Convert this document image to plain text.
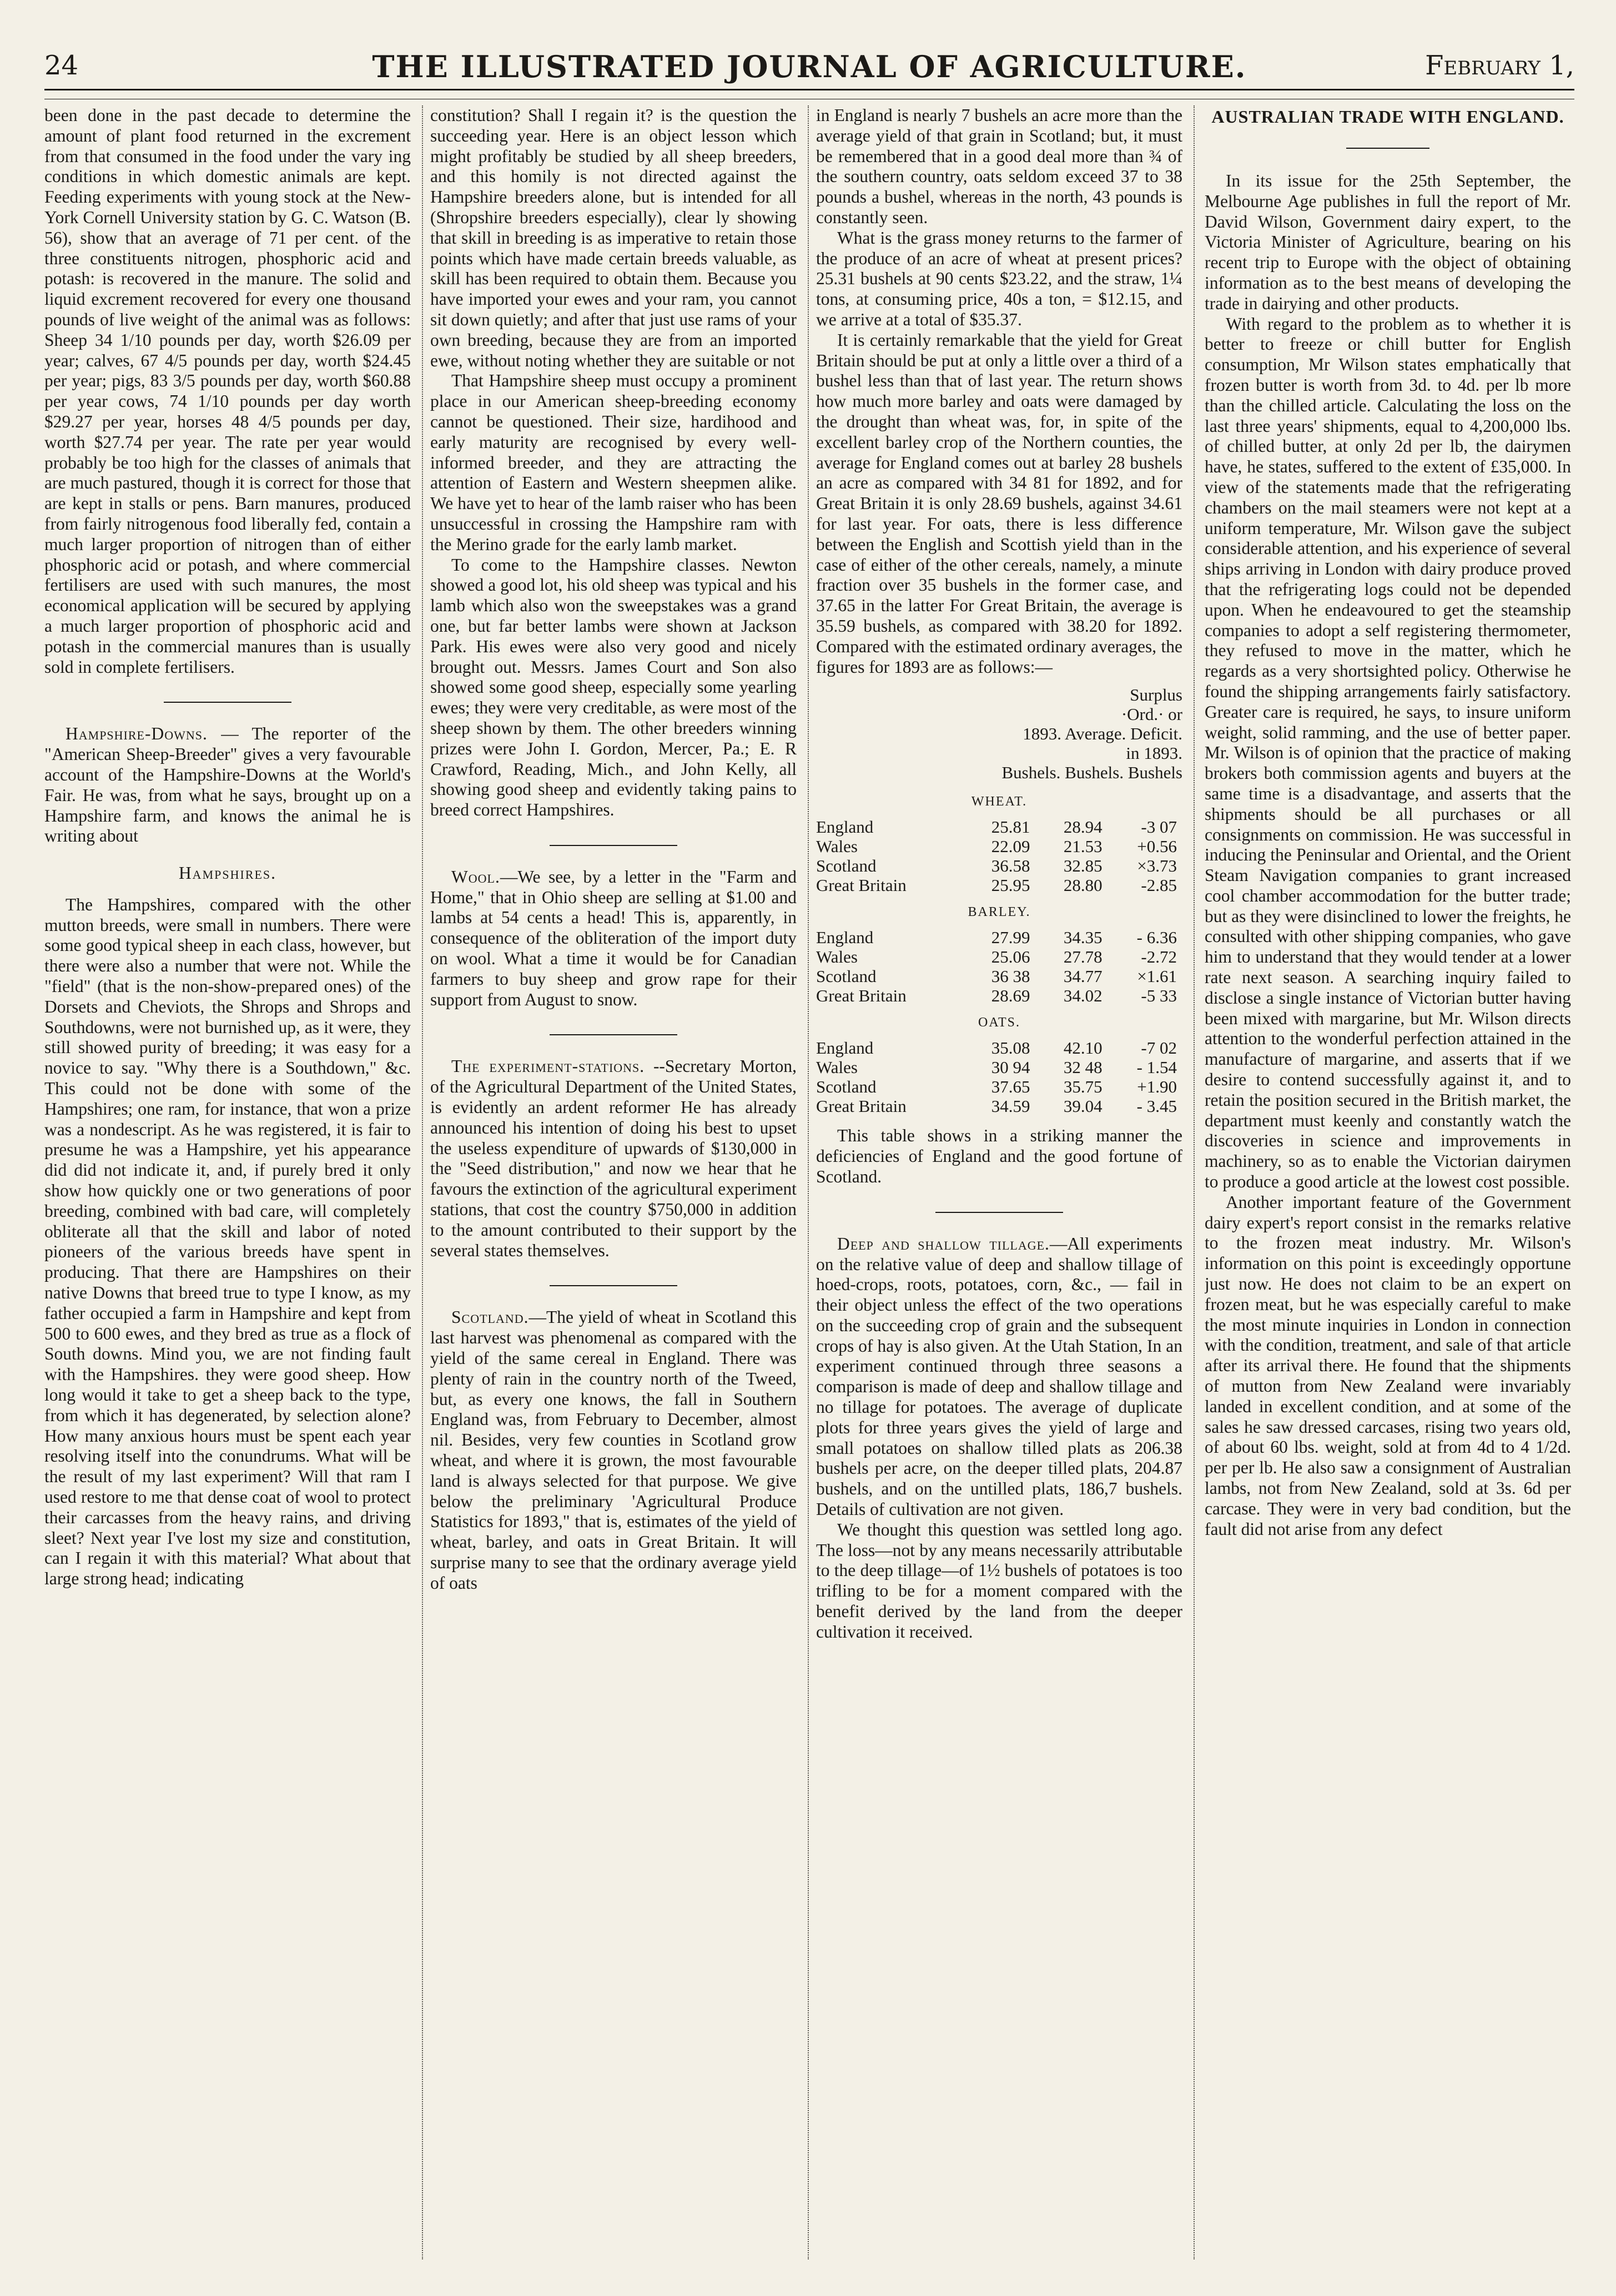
24	THE ILLUSTRATED JOURNAL OF AGRICULTURE.	February 1,

been done in the past decade to determine the amount of plant food returned in the excrement from that consumed in the food under the vary ing conditions in which domestic animals are kept. Feeding experiments with young stock at the New-York Cornell University station by G. C. Watson (B. 56), show that an average of 71 per cent. of the three constituents nitrogen, phosphoric acid and potash: is recovered in the manure. The solid and liquid excrement recovered for every one thousand pounds of live weight of the animal was as follows: Sheep 34 1/10 pounds per day, worth $26.09 per year; calves, 67 4/5 pounds per day, worth $24.45 per year; pigs, 83 3/5 pounds per day, worth $60.88 per year cows, 74 1/10 pounds per day worth $29.27 per year, horses 48 4/5 pounds per day, worth $27.74 per year. The rate per year would probably be too high for the classes of animals that are much pastured, though it is correct for those that are kept in stalls or pens. Barn manures, produced from fairly nitrogenous food liberally fed, contain a much larger proportion of nitrogen than of either phosphoric acid or potash, and where commercial fertilisers are used with such manures, the most economical application will be secured by applying a much larger proportion of phosphoric acid and potash in the commercial manures than is usually sold in complete fertilisers.

Hampshire-Downs. — The reporter of the "American Sheep-Breeder" gives a very favourable account of the Hampshire-Downs at the World's Fair. He was, from what he says, brought up on a Hampshire farm, and knows the animal he is writing about

Hampshires.

The Hampshires, compared with the other mutton breeds, were small in numbers. There were some good typical sheep in each class, however, but there were also a number that were not. While the "field" (that is the non-show-prepared ones) of the Dorsets and Cheviots, the Shrops and Shrops and Southdowns, were not burnished up, as it were, they still showed purity of breeding; it was easy for a novice to say. "Why there is a Southdown," &c. This could not be done with some of the Hampshires; one ram, for instance, that won a prize was a nondescript. As he was registered, it is fair to presume he was a Hampshire, yet his appearance did did not indicate it, and, if purely bred it only show how quickly one or two generations of poor breeding, combined with bad care, will completely obliterate all that the skill and labor of noted pioneers of the various breeds have spent in producing. That there are Hampshires on their native Downs that breed true to type I know, as my father occupied a farm in Hampshire and kept from 500 to 600 ewes, and they bred as true as a flock of South downs. Mind you, we are not finding fault with the Hampshires. they were good sheep. How long would it take to get a sheep back to the type, from which it has degenerated, by selection alone? How many anxious hours must be spent each year resolving itself into the conundrums. What will be the result of my last experiment? Will that ram I used restore to me that dense coat of wool to protect their carcasses from the heavy rains, and driving sleet? Next year I've lost my size and constitution, can I regain it with this material? What about that large strong head; indicating

constitution? Shall I regain it? is the question the succeeding year. Here is an object lesson which might profitably be studied by all sheep breeders, and this homily is not directed against the Hampshire breeders alone, but is intended for all (Shropshire breeders especially), clear ly showing that skill in breeding is as imperative to retain those points which have made certain breeds valuable, as skill has been required to obtain them. Because you have imported your ewes and your ram, you cannot sit down quietly; and after that just use rams of your own breeding, because they are from an imported ewe, without noting whether they are suitable or not

That Hampshire sheep must occupy a prominent place in our American sheep-breeding economy cannot be questioned. Their size, hardihood and early maturity are recognised by every well-informed breeder, and they are attracting the attention of Eastern and Western sheepmen alike. We have yet to hear of the lamb raiser who has been unsuccessful in crossing the Hampshire ram with the Merino grade for the early lamb market.

To come to the Hampshire classes. Newton showed a good lot, his old sheep was typical and his lamb which also won the sweepstakes was a grand one, but far better lambs were shown at Jackson Park. His ewes were also very good and nicely brought out. Messrs. James Court and Son also showed some good sheep, especially some yearling ewes; they were very creditable, as were most of the sheep shown by them. The other breeders winning prizes were John I. Gordon, Mercer, Pa.; E. R Crawford, Reading, Mich., and John Kelly, all showing good sheep and evidently taking pains to breed correct Hampshires.

Wool.—We see, by a letter in the "Farm and Home," that in Ohio sheep are selling at $1.00 and lambs at 54 cents a head! This is, apparently, in consequence of the obliteration of the import duty on wool. What a time it would be for Canadian farmers to buy sheep and grow rape for their support from August to snow.

The experiment-stations. --Secretary Morton, of the Agricultural Department of the United States, is evidently an ardent reformer He has already announced his intention of doing his best to upset the useless expenditure of upwards of $130,000 in the "Seed distribution," and now we hear that he favours the extinction of the agricultural experiment stations, that cost the country $750,000 in addition to the amount contributed to their support by the several states themselves.

Scotland.—The yield of wheat in Scotland this last harvest was phenomenal as compared with the yield of the same cereal in England. There was plenty of rain in the country north of the Tweed, but, as every one knows, the fall in Southern England was, from February to December, almost nil. Besides, very few counties in Scotland grow wheat, and where it is grown, the most favourable land is always selected for that purpose. We give below the preliminary 'Agricultural Produce Statistics for 1893," that is, estimates of the yield of wheat, barley, and oats in Great Britain. It will surprise many to see that the ordinary average yield of oats

in England is nearly 7 bushels an acre more than the average yield of that grain in Scotland; but, it must be remembered that in a good deal more than ¾ of the southern country, oats seldom exceed 37 to 38 pounds a bushel, whereas in the north, 43 pounds is constantly seen.

What is the grass money returns to the farmer of the produce of an acre of wheat at present prices? 25.31 bushels at 90 cents $23.22, and the straw, 1¼ tons, at consuming price, 40s a ton, = $12.15, and we arrive at a total of $35.37.

It is certainly remarkable that the yield for Great Britain should be put at only a little over a third of a bushel less than that of last year. The return shows how much more barley and oats were damaged by the drought than wheat was, for, in spite of the excellent barley crop of the Northern counties, the average for England comes out at barley 28 bushels an acre as compared with 34 81 for 1892, and for Great Britain it is only 28.69 bushels, against 34.61 for last year. For oats, there is less difference between the English and Scottish yield than in the case of either of the other cereals, namely, a minute fraction over 35 bushels in the former case, and 37.65 in the latter For Great Britain, the average is 35.59 bushels, as compared with 38.20 for 1892. Compared with the estimated ordinary averages, the figures for 1893 are as follows:—

Surplus
·Ord.· or
1893. Average. Deficit.
in 1893.
Bushels. Bushels. Bushels
WHEAT.			
England	25.81	28.94	-3 07
Wales	22.09	21.53	+0.56
Scotland	36.58	32.85	×3.73
Great Britain	25.95	28.80	-2.85
BARLEY.			
England	27.99	34.35	- 6.36
Wales	25.06	27.78	-2.72
Scotland	36 38	34.77	×1.61
Great Britain	28.69	34.02	-5 33
OATS.			
England	35.08	42.10	-7 02
Wales	30 94	32 48	- 1.54
Scotland	37.65	35.75	+1.90
Great Britain	34.59	39.04	- 3.45

This table shows in a striking manner the deficiencies of England and the good fortune of Scotland.

Deep and shallow tillage.—All experiments on the relative value of deep and shallow tillage of hoed-crops, roots, potatoes, corn, &c., — fail in their object unless the effect of the two operations on the succeeding crop of grain and the subsequent crops of hay is also given. At the Utah Station, In an experiment continued through three seasons a comparison is made of deep and shallow tillage and no tillage for potatoes. The average of duplicate plots for three years gives the yield of large and small potatoes on shallow tilled plats as 206.38 bushels per acre, on the deeper tilled plats, 204.87 bushels, and on the untilled plats, 186,7 bushels. Details of cultivation are not given.

We thought this question was settled long ago. The loss—not by any means necessarily attributable to the deep tillage—of 1½ bushels of potatoes is too trifling to be for a moment compared with the benefit derived by the land from the deeper cultivation it received.

AUSTRALIAN TRADE WITH ENGLAND.

In its issue for the 25th September, the Melbourne Age publishes in full the report of Mr. David Wilson, Government dairy expert, to the Victoria Minister of Agriculture, bearing on his recent trip to Europe with the object of obtaining information as to the best means of developing the trade in dairying and other products.

With regard to the problem as to whether it is better to freeze or chill butter for English consumption, Mr Wilson states emphatically that frozen butter is worth from 3d. to 4d. per lb more than the chilled article. Calculating the loss on the last three years' shipments, equal to 4,200,000 lbs. of chilled butter, at only 2d per lb, the dairymen have, he states, suffered to the extent of £35,000. In view of the statements made that the refrigerating chambers on the mail steamers were not kept at a uniform temperature, Mr. Wilson gave the subject considerable attention, and his experience of several ships arriving in London with dairy produce proved that the refrigerating logs could not be depended upon. When he endeavoured to get the steamship companies to adopt a self registering thermometer, they refused to move in the matter, which he regards as a very shortsighted policy. Otherwise he found the shipping arrangements fairly satisfactory. Greater care is required, he says, to insure uniform weight, solid ramming, and the use of better paper. Mr. Wilson is of opinion that the practice of making brokers both commission agents and buyers at the same time is a disadvantage, and asserts that the shipments should be all purchases or all consignments on commission. He was successful in inducing the Peninsular and Oriental, and the Orient Steam Navigation companies to grant increased cool chamber accommodation for the butter trade; but as they were disinclined to lower the freights, he consulted with other shipping companies, who gave him to understand that they would tender at a lower rate next season. A searching inquiry failed to disclose a single instance of Victorian butter having been mixed with margarine, but Mr. Wilson directs attention to the wonderful perfection attained in the manufacture of margarine, and asserts that if we desire to contend successfully against it, and to retain the position secured in the British market, the department must keenly and constantly watch the discoveries in science and improvements in machinery, so as to enable the Victorian dairymen to produce a good article at the lowest cost possible.

Another important feature of the Government dairy expert's report consist in the remarks relative to the frozen meat industry. Mr. Wilson's information on this point is exceedingly opportune just now. He does not claim to be an expert on frozen meat, but he was especially careful to make the most minute inquiries in London in connection with the condition, treatment, and sale of that article after its arrival there. He found that the shipments of mutton from New Zealand were invariably landed in excellent condition, and at some of the sales he saw dressed carcases, rising two years old, of about 60 lbs. weight, sold at from 4d to 4 1/2d. per per lb. He also saw a consignment of Australian lambs, not from New Zealand, sold at 3s. 6d per carcase. They were in very bad condition, but the fault did not arise from any defect
